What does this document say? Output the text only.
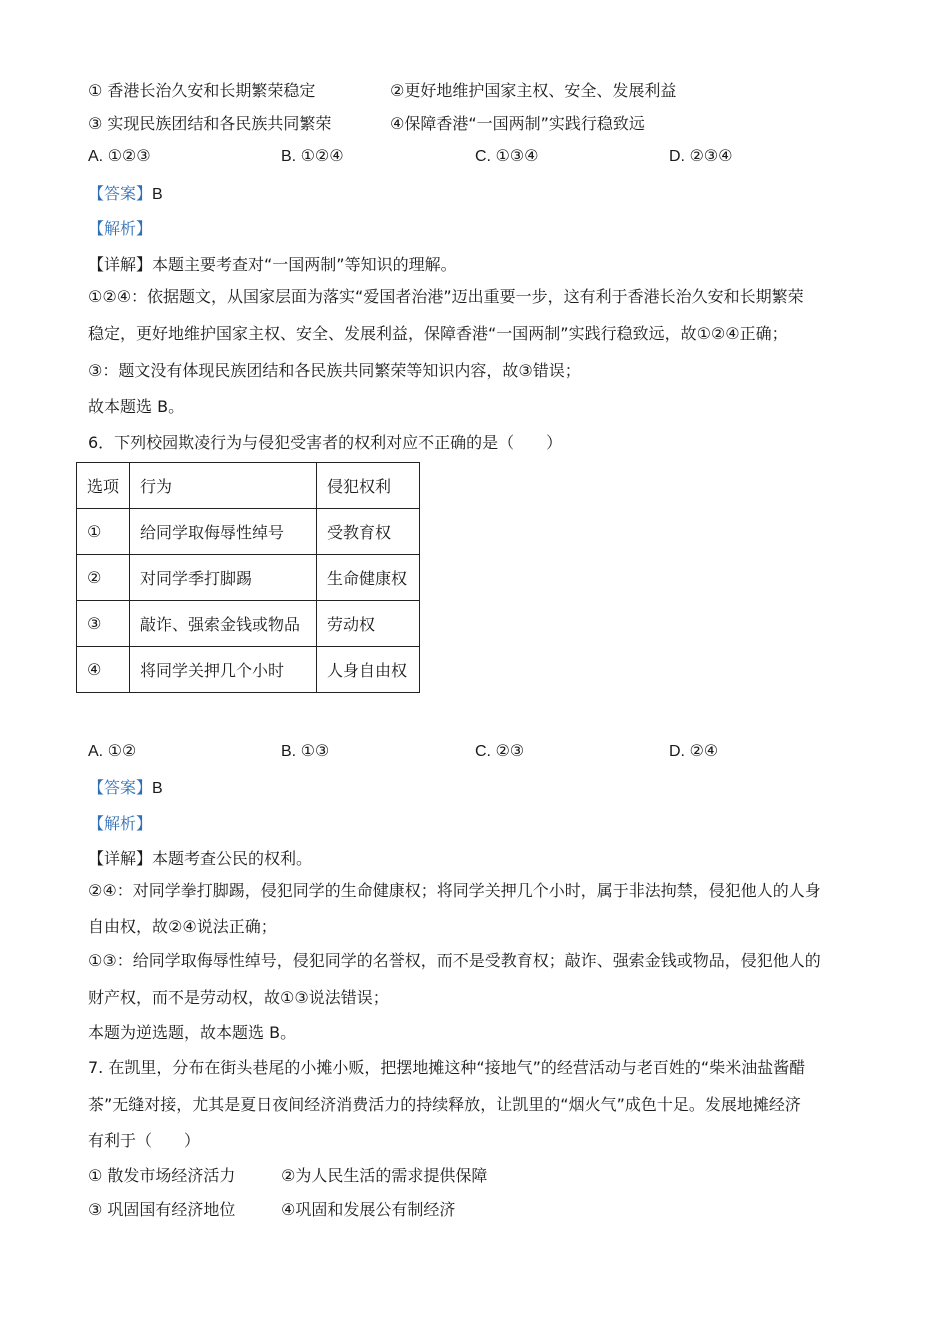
① 香港长治久安和长期繁荣稳定	②更好地维护国家主权、安全、发展利益
③ 实现民族团结和各民族共同繁荣	④保障香港“一国两制”实践行稳致远
A. ①②③	B. ①②④	C. ①③④	D. ②③④
【答案】B
【解析】
【详解】本题主要考查对“一国两制”等知识的理解。
①②④：依据题文，从国家层面为落实“爱国者治港”迈出重要一步，这有利于香港长治久安和长期繁荣
稳定，更好地维护国家主权、安全、发展利益，保障香港“一国两制”实践行稳致远，故①②④正确；
③：题文没有体现民族团结和各民族共同繁荣等知识内容，故③错误；
故本题选 B。
6．下列校园欺凌行为与侵犯受害者的权利对应不正确的是（　　）
选项	行为	侵犯权利
①	给同学取侮辱性绰号	受教育权
②	对同学季打脚踢	生命健康权
③	敲诈、强索金钱或物品	劳动权
④	将同学关押几个小时	人身自由权
A. ①②	B. ①③	C. ②③	D. ②④
【答案】B
【解析】
【详解】本题考查公民的权利。
②④：对同学拳打脚踢，侵犯同学的生命健康权；将同学关押几个小时，属于非法拘禁，侵犯他人的人身
自由权，故②④说法正确；
①③：给同学取侮辱性绰号，侵犯同学的名誉权，而不是受教育权；敲诈、强索金钱或物品，侵犯他人的
财产权，而不是劳动权，故①③说法错误；
本题为逆选题，故本题选 B。
7. 在凯里，分布在街头巷尾的小摊小贩，把摆地摊这种“接地气”的经营活动与老百姓的“柴米油盐酱醋
茶”无缝对接，尤其是夏日夜间经济消费活力的持续释放，让凯里的“烟火气”成色十足。发展地摊经济
有利于（　　）
① 散发市场经济活力	②为人民生活的需求提供保障
③ 巩固国有经济地位	④巩固和发展公有制经济
